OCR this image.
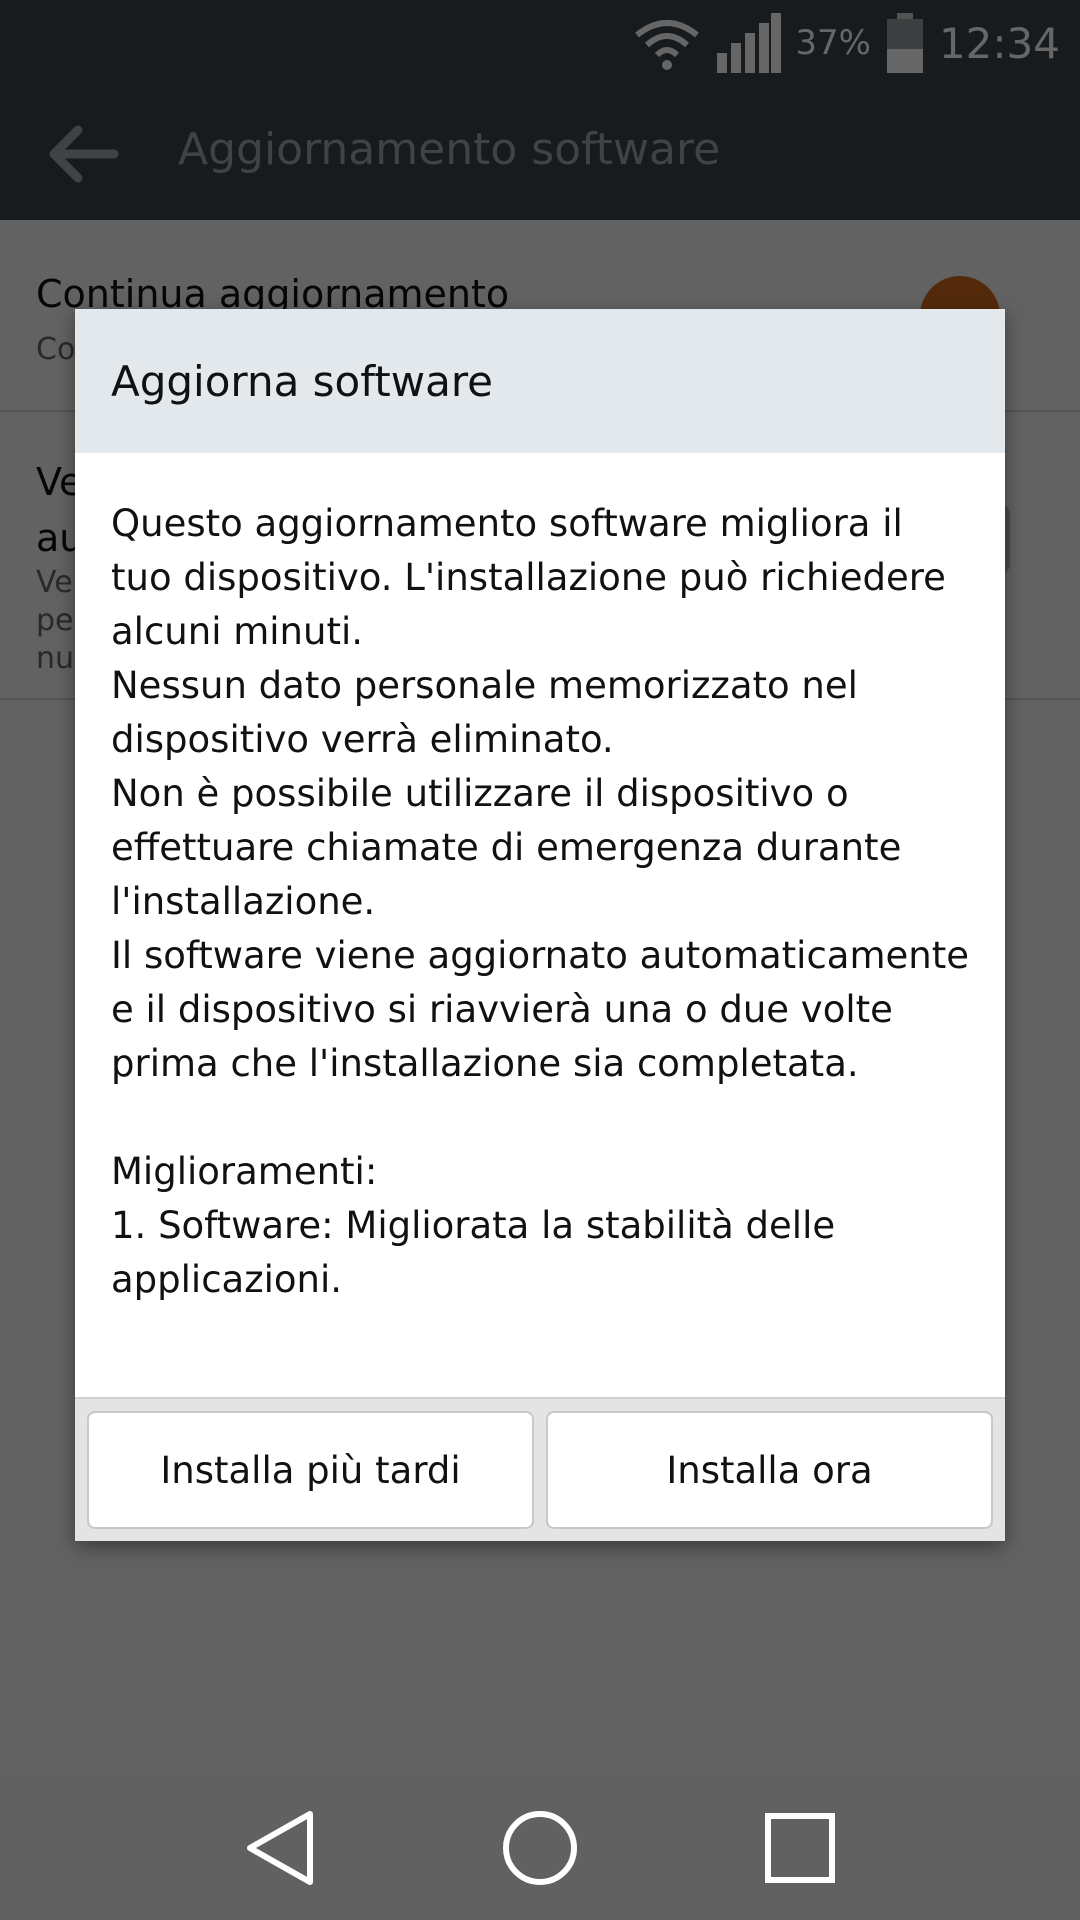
Aggiorna software
Questo aggiornamento software migliora il tuo dispositivo. L'installazione può richiedere alcuni minuti.
Nessun dato personale memorizzato nel dispositivo verrà eliminato.
Non è possibile utilizzare il dispositivo o effettuare chiamate di emergenza durante l'installazione.
Il software viene aggiornato automaticamente e il dispositivo si riavvierà una o due volte prima che l'installazione sia completata.

Miglioramenti:
1. Software: Migliorata la stabilità delle applicazioni.
Installa più tardi	Installa ora
